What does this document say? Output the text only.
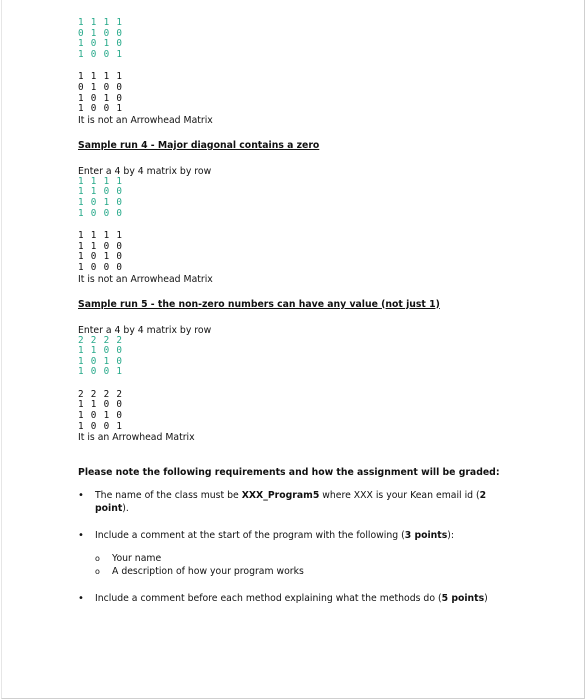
1 1 1 1
0 1 0 0
1 0 1 0
1 0 0 1
1 1 1 1
0 1 0 0
1 0 1 0
1 0 0 1
It is not an Arrowhead Matrix
Sample run 4 - Major diagonal contains a zero
Enter a 4 by 4 matrix by row
1 1 1 1
1 1 0 0
1 0 1 0
1 0 0 0
1 1 1 1
1 1 0 0
1 0 1 0
1 0 0 0
It is not an Arrowhead Matrix
Sample run 5 - the non-zero numbers can have any value (not just 1)
Enter a 4 by 4 matrix by row
2 2 2 2
1 1 0 0
1 0 1 0
1 0 0 1
2 2 2 2
1 1 0 0
1 0 1 0
1 0 0 1
It is an Arrowhead Matrix
Please note the following requirements and how the assignment will be graded:
• The name of the class must be XXX_Program5 where XXX is your Kean email id (2
point).
• Include a comment at the start of the program with the following (3 points):
o Your name
o A description of how your program works
• Include a comment before each method explaining what the methods do (5 points)
